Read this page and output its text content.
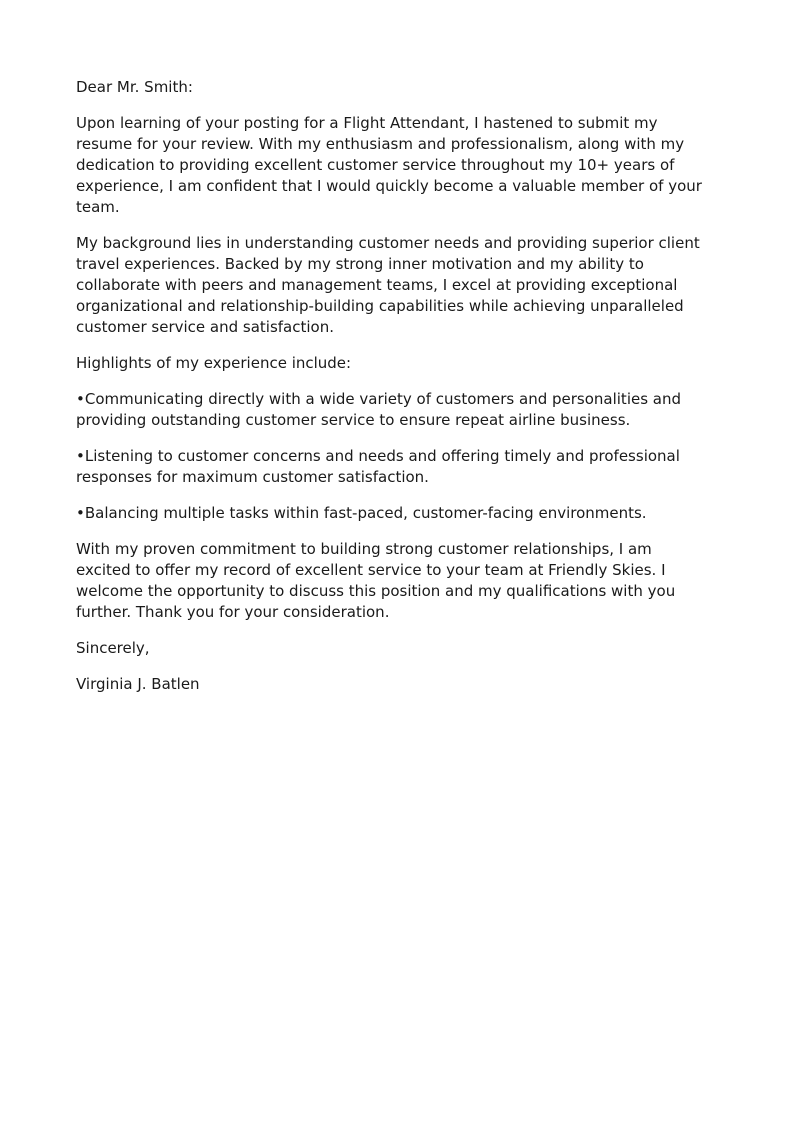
Dear Mr. Smith:

Upon learning of your posting for a Flight Attendant, I hastened to submit my resume for your review. With my enthusiasm and professionalism, along with my dedication to providing excellent customer service throughout my 10+ years of experience, I am confident that I would quickly become a valuable member of your team.

My background lies in understanding customer needs and providing superior client travel experiences. Backed by my strong inner motivation and my ability to collaborate with peers and management teams, I excel at providing exceptional organizational and relationship-building capabilities while achieving unparalleled customer service and satisfaction.

Highlights of my experience include:

•Communicating directly with a wide variety of customers and personalities and providing outstanding customer service to ensure repeat airline business.
•Listening to customer concerns and needs and offering timely and professional responses for maximum customer satisfaction.
•Balancing multiple tasks within fast-paced, customer-facing environments.

With my proven commitment to building strong customer relationships, I am excited to offer my record of excellent service to your team at Friendly Skies. I welcome the opportunity to discuss this position and my qualifications with you further. Thank you for your consideration.

Sincerely,

Virginia J. Batlen
